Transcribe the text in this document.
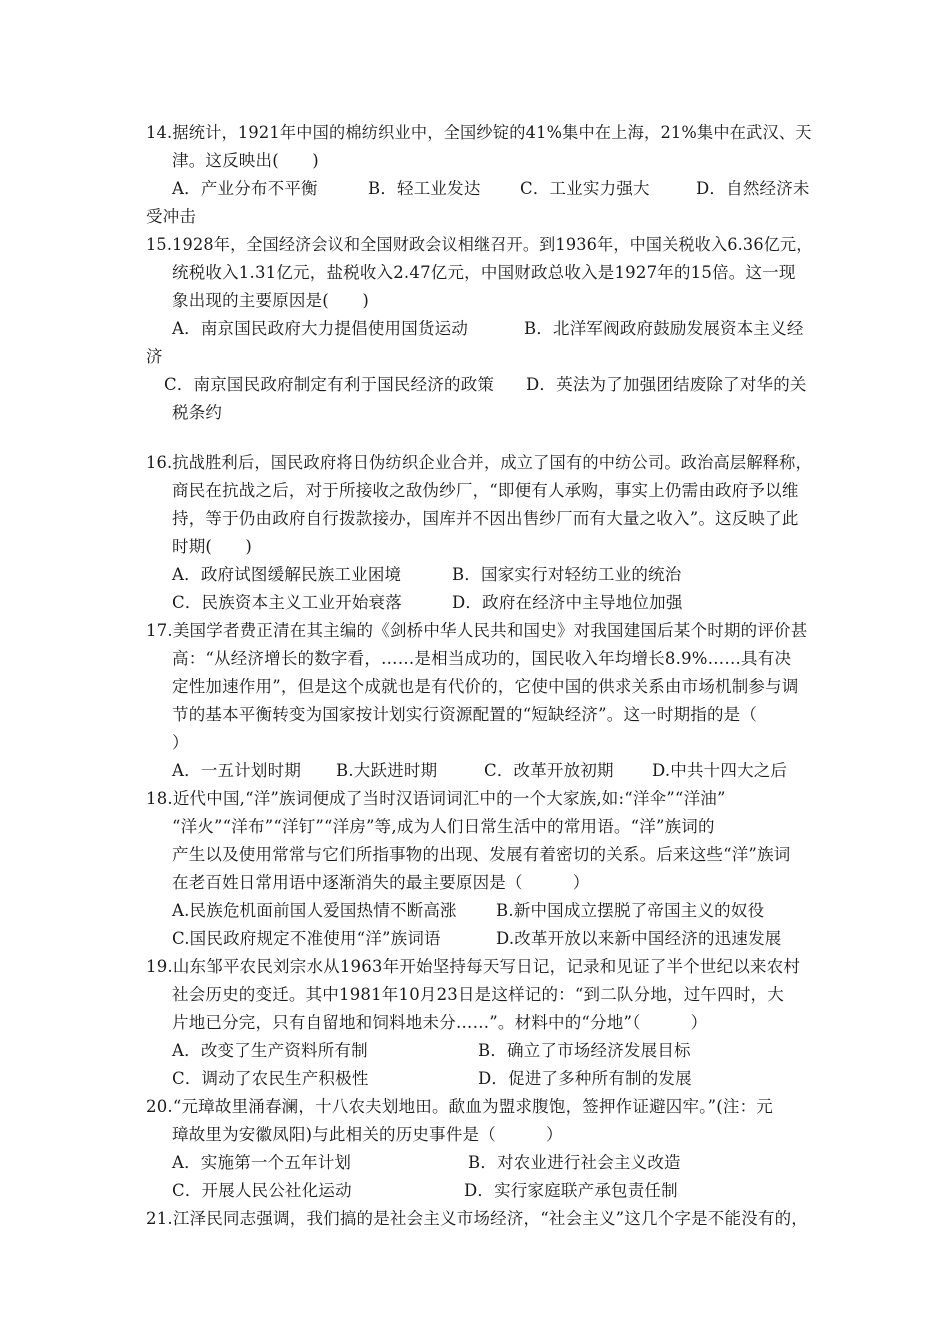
14.据统计，1921年中国的棉纺织业中，全国纱锭的41%集中在上海，21%集中在武汉、天
津。这反映出(　　)
A．产业分布不平衡	B．轻工业发达 C．工业实力强大	D．自然经济未
受冲击
15.1928年，全国经济会议和全国财政会议相继召开。到1936年，中国关税收入6.36亿元，
统税收入1.31亿元，盐税收入2.47亿元，中国财政总收入是1927年的15倍。这一现
象出现的主要原因是(　　)
A．南京国民政府大力提倡使用国货运动	B．北洋军阀政府鼓励发展资本主义经
济
C．南京国民政府制定有利于国民经济的政策 D．英法为了加强团结废除了对华的关
税条约
16.抗战胜利后，国民政府将日伪纺织企业合并，成立了国有的中纺公司。政治高层解释称，
商民在抗战之后，对于所接收之敌伪纱厂，“即便有人承购，事实上仍需由政府予以维
持，等于仍由政府自行拨款接办，国库并不因出售纱厂而有大量之收入”。这反映了此
时期(　　)
A．政府试图缓解民族工业困境	B．国家实行对轻纺工业的统治
C．民族资本主义工业开始衰落	D．政府在经济中主导地位加强
17.美国学者费正清在其主编的《剑桥中华人民共和国史》对我国建国后某个时期的评价甚
高：“从经济增长的数字看，……是相当成功的，国民收入年均增长8.9%……具有决
定性加速作用”，但是这个成就也是有代价的，它使中国的供求关系由市场机制参与调
节的基本平衡转变为国家按计划实行资源配置的“短缺经济”。这一时期指的是（
）
A．一五计划时期 B.大跃进时期	C．改革开放初期 D.中共十四大之后
18.近代中国,“洋”族词便成了当时汉语词词汇中的一个大家族,如:“洋伞”“洋油”
“洋火”“洋布”“洋钉”“洋房”等,成为人们日常生活中的常用语。“洋”族词的
产生以及使用常常与它们所指事物的出现、发展有着密切的关系。后来这些“洋”族词
在老百姓日常用语中逐渐消失的最主要原因是（　　　）
A.民族危机面前国人爱国热情不断高涨 B.新中国成立摆脱了帝国主义的奴役
C.国民政府规定不准使用“洋”族词语	D.改革开放以来新中国经济的迅速发展
19.山东邹平农民刘宗水从1963年开始坚持每天写日记，记录和见证了半个世纪以来农村
社会历史的变迁。其中1981年10月23日是这样记的：“到二队分地，过午四时，大
片地已分完，只有自留地和饲料地未分……”。材料中的“分地”（　　　）
A．改变了生产资料所有制	B．确立了市场经济发展目标
C．调动了农民生产积极性	D．促进了多种所有制的发展
20.“元璋故里涌春澜，十八农夫划地田。歃血为盟求腹饱，签押作证避囚牢。”(注：元
璋故里为安徽凤阳)与此相关的历史事件是（　　　）
A．实施第一个五年计划	B．对农业进行社会主义改造
C．开展人民公社化运动	D．实行家庭联产承包责任制
21.江泽民同志强调，我们搞的是社会主义市场经济，“社会主义”这几个字是不能没有的，
